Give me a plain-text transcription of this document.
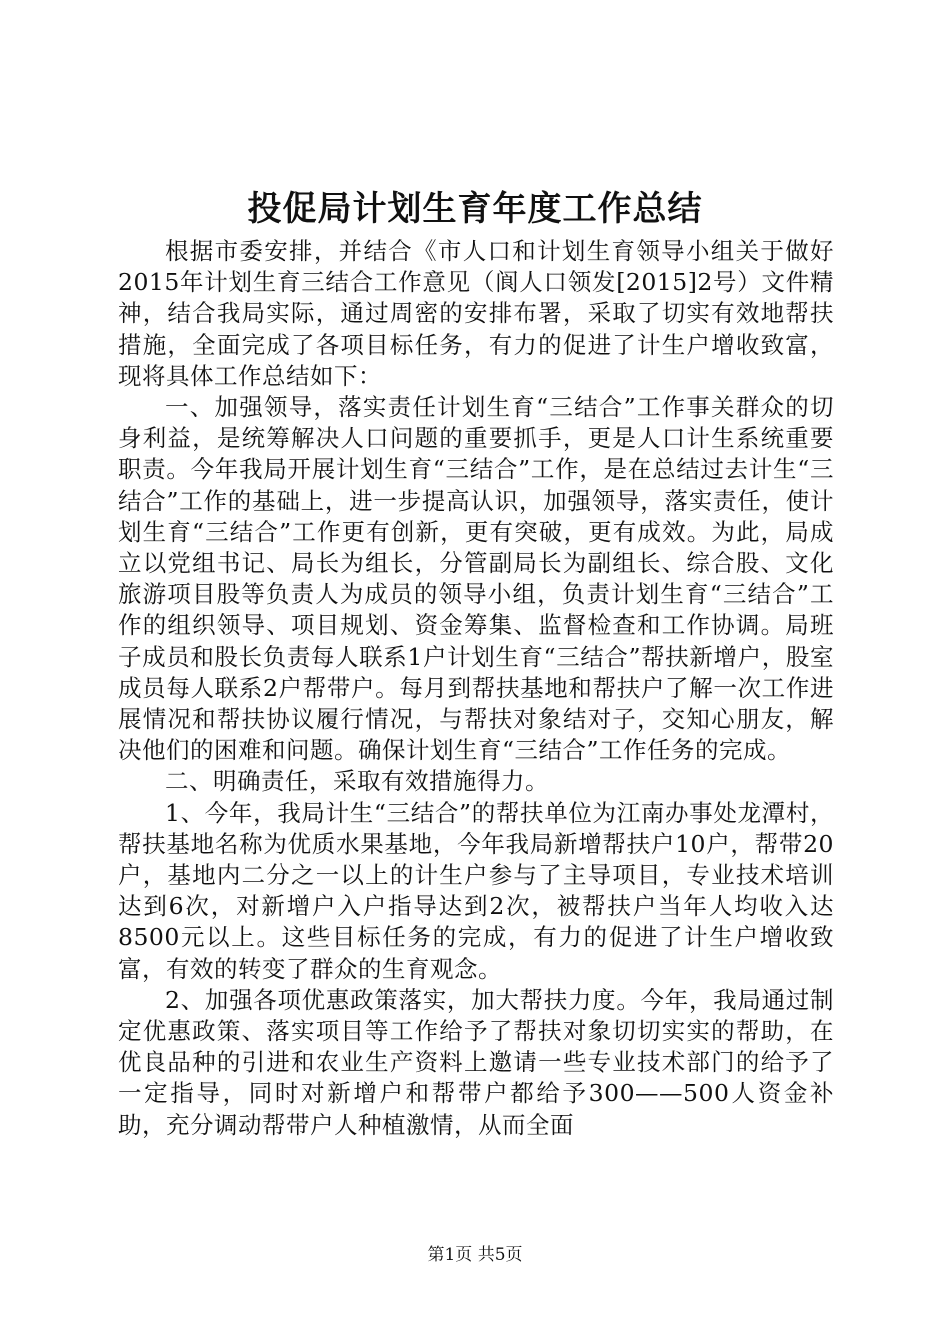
投促局计划生育年度工作总结

根据市委安排，并结合《市人口和计划生育领导小组关于做好2015年计划生育三结合工作意见（阆人口领发[2015]2号）文件精神，结合我局实际，通过周密的安排布署，采取了切实有效地帮扶措施，全面完成了各项目标任务，有力的促进了计生户增收致富，现将具体工作总结如下：

一、加强领导，落实责任计划生育“三结合”工作事关群众的切身利益，是统筹解决人口问题的重要抓手，更是人口计生系统重要职责。今年我局开展计划生育“三结合”工作，是在总结过去计生“三结合”工作的基础上，进一步提高认识，加强领导，落实责任，使计划生育“三结合”工作更有创新，更有突破，更有成效。为此，局成立以党组书记、局长为组长，分管副局长为副组长、综合股、文化旅游项目股等负责人为成员的领导小组，负责计划生育“三结合”工作的组织领导、项目规划、资金筹集、监督检查和工作协调。局班子成员和股长负责每人联系1户计划生育“三结合”帮扶新增户，股室成员每人联系2户帮带户。每月到帮扶基地和帮扶户了解一次工作进展情况和帮扶协议履行情况，与帮扶对象结对子，交知心朋友，解决他们的困难和问题。确保计划生育“三结合”工作任务的完成。

二、明确责任，采取有效措施得力。

1、今年，我局计生“三结合”的帮扶单位为江南办事处龙潭村，帮扶基地名称为优质水果基地，今年我局新增帮扶户10户，帮带20户，基地内二分之一以上的计生户参与了主导项目，专业技术培训达到6次，对新增户入户指导达到2次，被帮扶户当年人均收入达8500元以上。这些目标任务的完成，有力的促进了计生户增收致富，有效的转变了群众的生育观念。

2、加强各项优惠政策落实，加大帮扶力度。今年，我局通过制定优惠政策、落实项目等工作给予了帮扶对象切切实实的帮助，在优良品种的引进和农业生产资料上邀请一些专业技术部门的给予了一定指导，同时对新增户和帮带户都给予300——500人资金补助，充分调动帮带户人种植激情，从而全面

第1页 共5页
